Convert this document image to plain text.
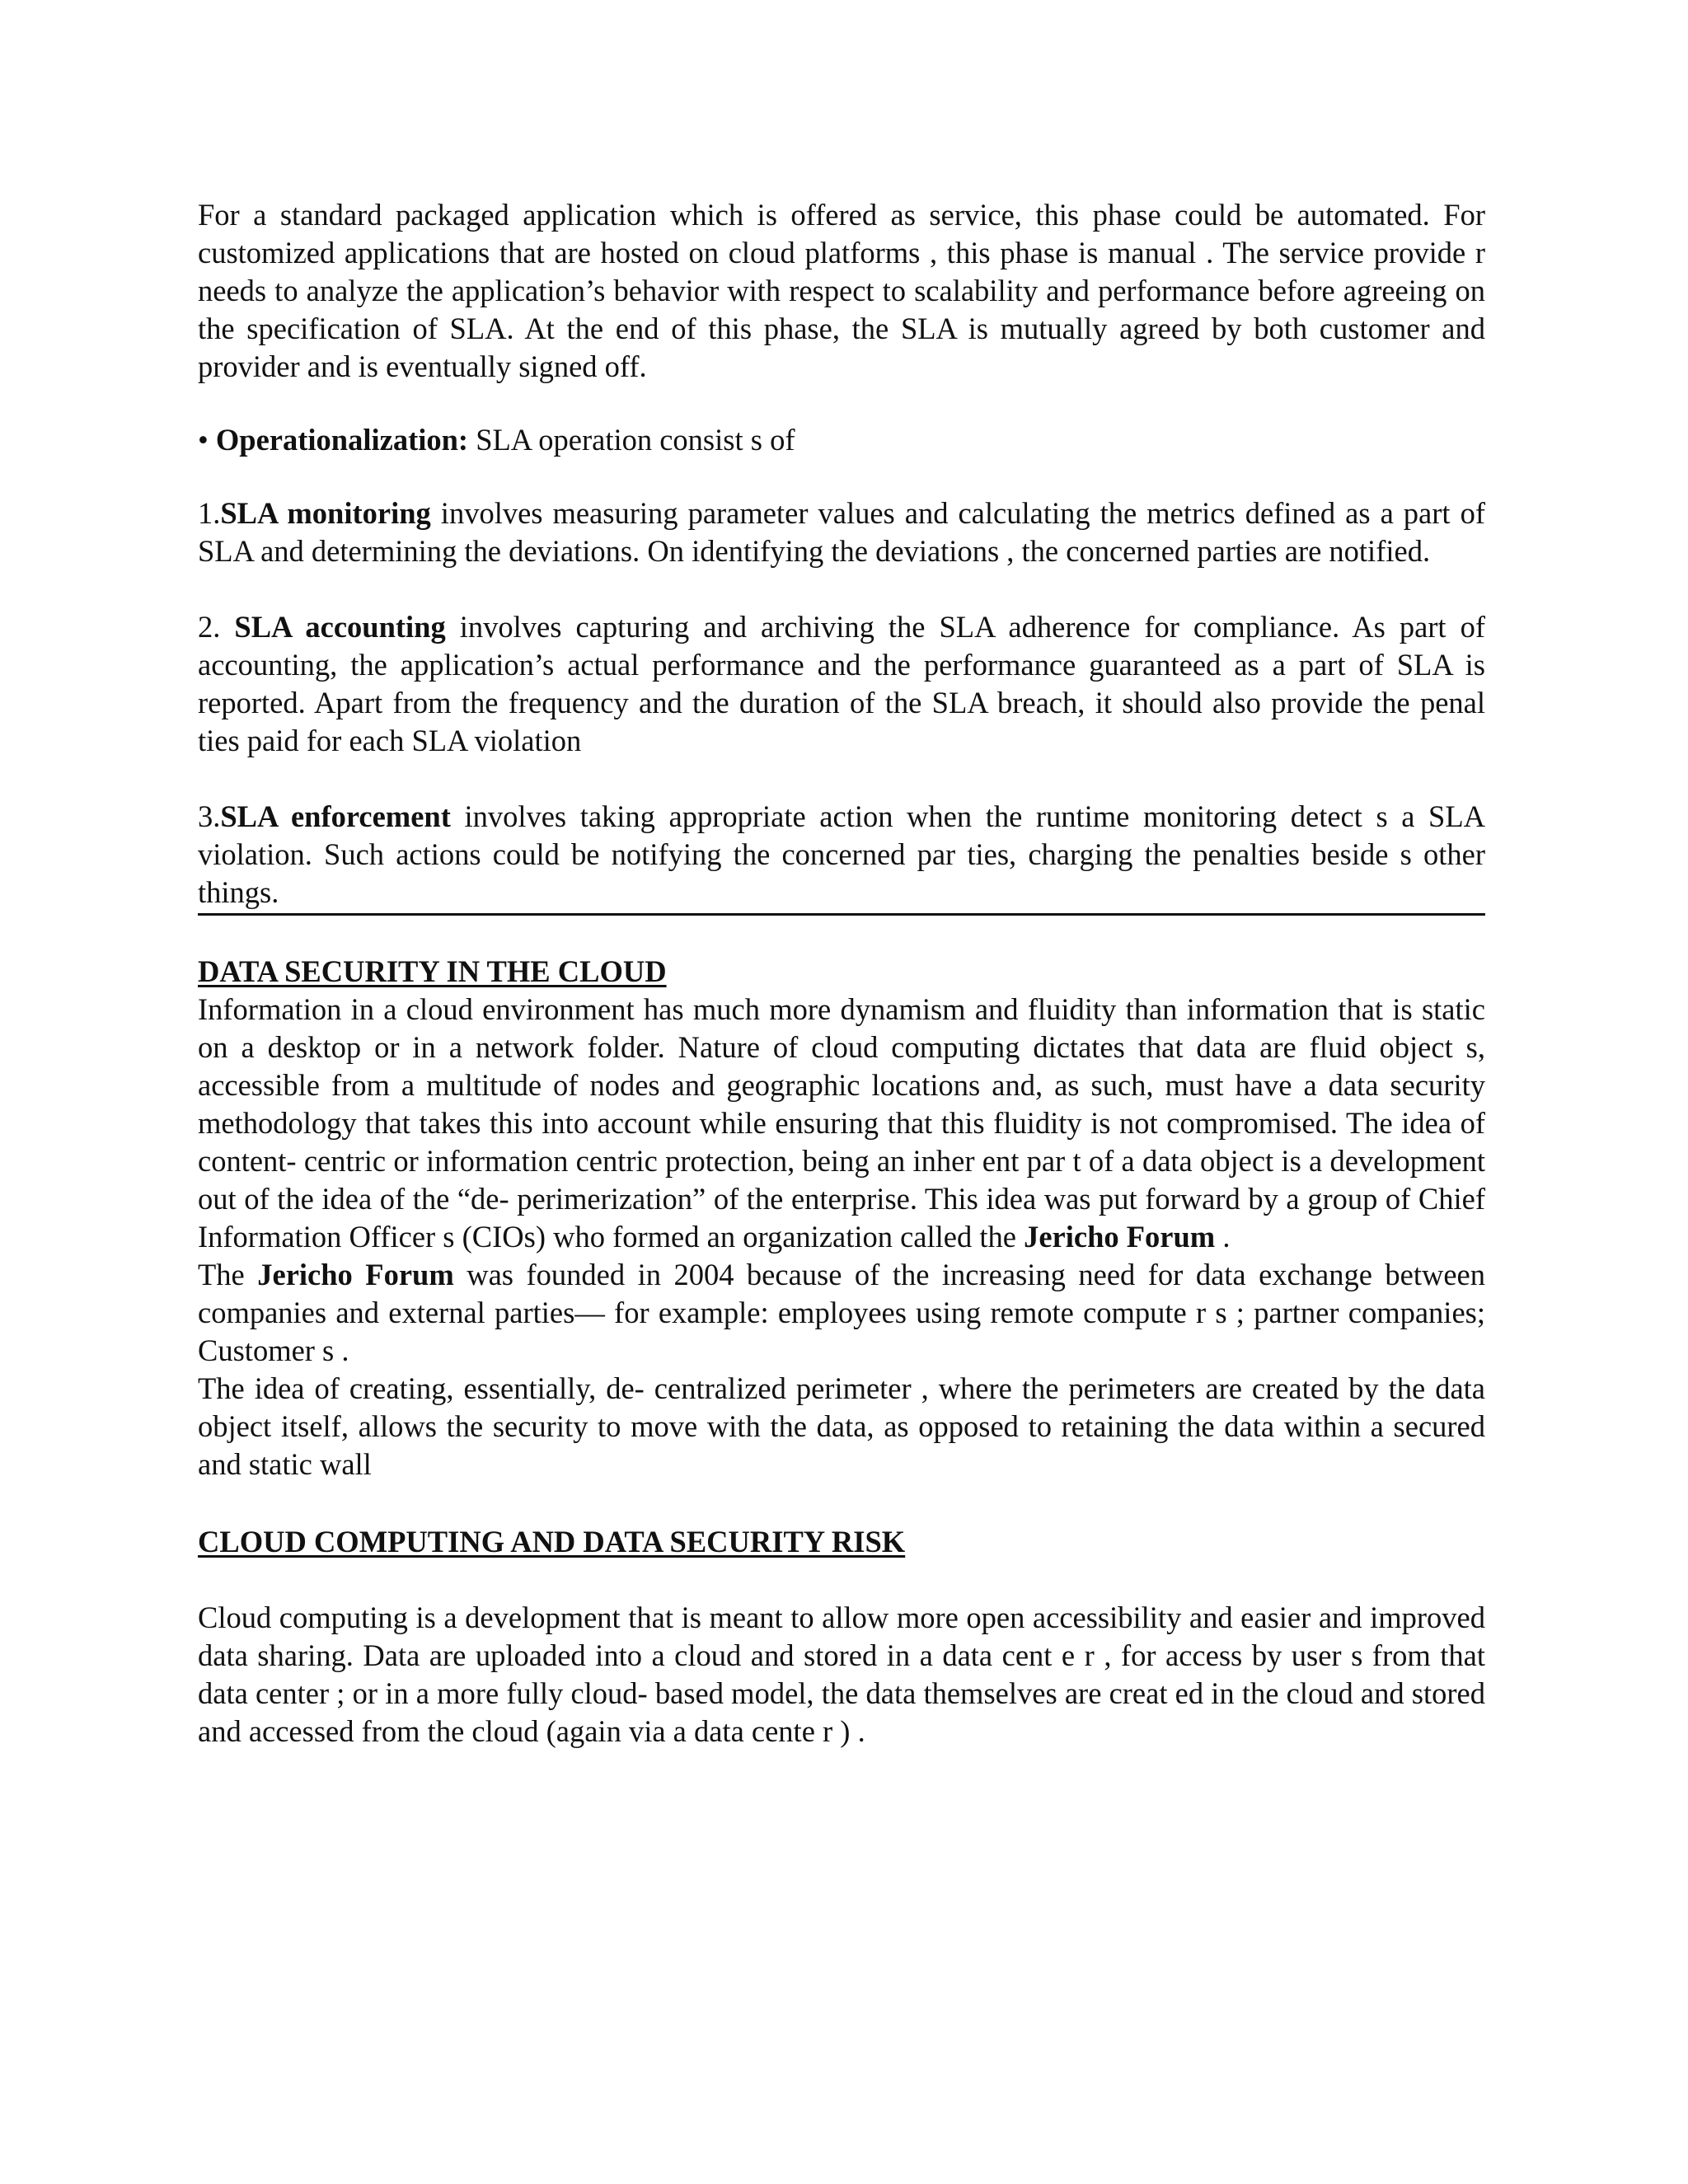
For a standard packaged application which is offered as service, this phase could be automated. For customized applications that are hosted on cloud platforms , this phase is manual . The service provide r needs to analyze the application’s behavior with respect to scalability and performance before agreeing on the specification of SLA. At the end of this phase, the SLA is mutually agreed by both customer and provider and is eventually signed off.

• Operationalization: SLA operation consist s of

1.SLA monitoring involves measuring parameter values and calculating the metrics defined as a part of SLA and determining the deviations. On identifying the deviations , the concerned parties are notified.

2. SLA accounting involves capturing and archiving the SLA adherence for compliance. As part of accounting, the application’s actual performance and the performance guaranteed as a part of SLA is reported. Apart from the frequency and the duration of the SLA breach, it should also provide the penal ties paid for each SLA violation

3.SLA enforcement involves taking appropriate action when the runtime monitoring detect s a SLA violation. Such actions could be notifying the concerned par ties, charging the penalties beside s other things.

DATA SECURITY IN THE CLOUD

Information in a cloud environment has much more dynamism and fluidity than information that is static on a desktop or in a network folder. Nature of cloud computing dictates that data are fluid object s, accessible from a multitude of nodes and geographic locations and, as such, must have a data security methodology that takes this into account while ensuring that this fluidity is not compromised. The idea of content- centric or information centric protection, being an inher ent par t of a data object is a development out of the idea of the “de- perimerization” of the enterprise. This idea was put forward by a group of Chief Information Officer s (CIOs) who formed an organization called the Jericho Forum .

The Jericho Forum was founded in 2004 because of the increasing need for data exchange between companies and external parties— for example: employees using remote compute r s ; partner companies; Customer s .

The idea of creating, essentially, de- centralized perimeter , where the perimeters are created by the data object itself, allows the security to move with the data, as opposed to retaining the data within a secured and static wall

CLOUD COMPUTING AND DATA SECURITY RISK

Cloud computing is a development that is meant to allow more open accessibility and easier and improved data sharing. Data are uploaded into a cloud and stored in a data cent e r , for access by user s from that data center ; or in a more fully cloud- based model, the data themselves are creat ed in the cloud and stored and accessed from the cloud (again via a data cente r ) .
